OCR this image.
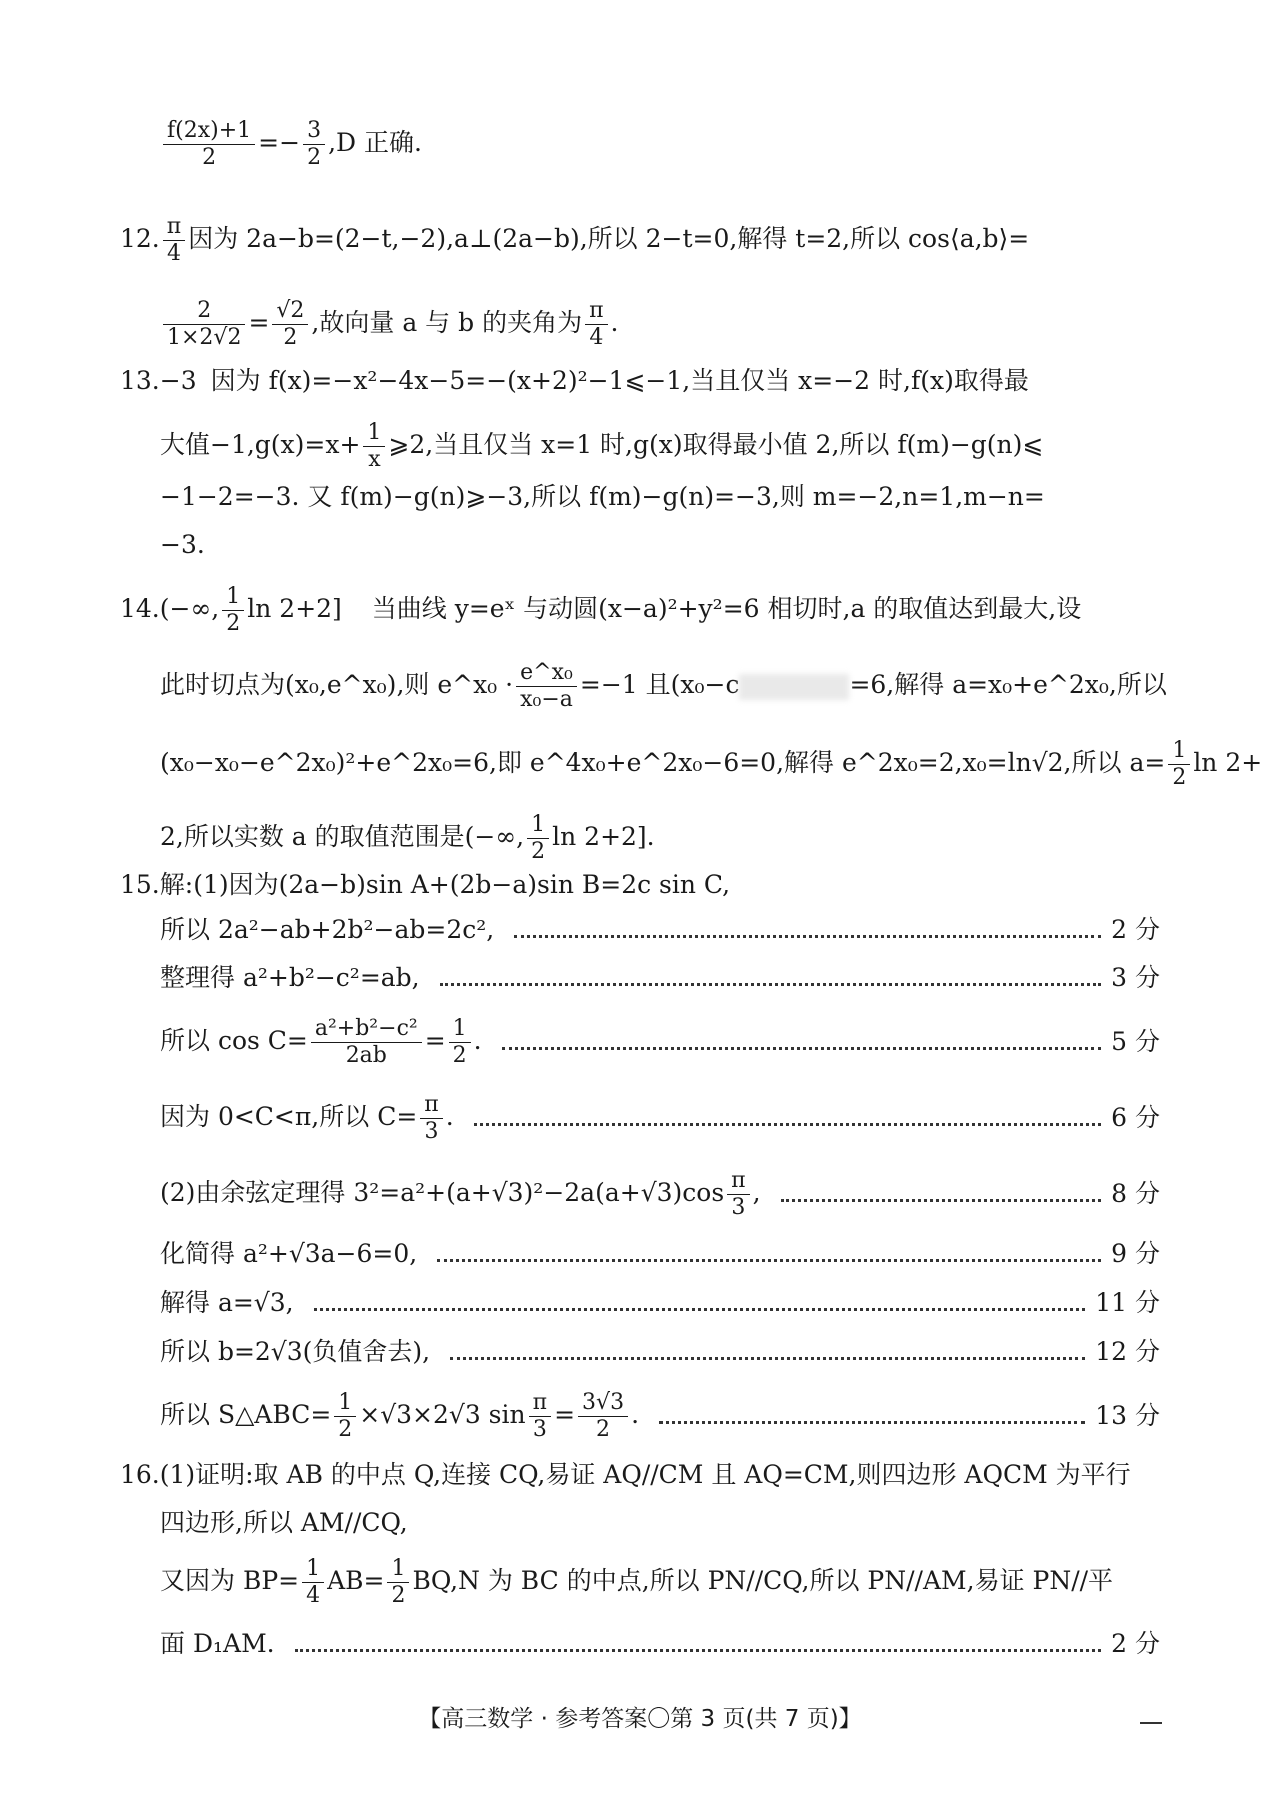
$\frac{f(2x)+1}{2} =- \frac{3}{2} ,D$ 正确.
12. $\frac{\pi}{4}$ 因为 2a−b=(2−t,−2),a⊥(2a−b),所以 2−t=0,解得 t=2,所以 cos⟨a,b⟩=
$\frac{2}{1\times 2√2} = \frac{√2}{2}$ ,故向量 a 与 b 的夹角为 $\frac{\pi}{4}$ .
13.−3 因为 f(x)=−x²−4x−5=−(x+2)²−1⩽−1,当且仅当 x=−2 时,f(x)取得最
大值$-1,g(x)=x+ \frac{1}{x}$ ⩾2,当且仅当 x=1 时,g(x)取得最小值 2,所以 f(m)−g(n)⩽
−1−2=−3. 又 f(m)−g(n)⩾−3,所以 f(m)−g(n)=−3,则 m=−2,n=1,m−n=
−3.
14.(−∞, $\frac{1}{2}$ ln 2+2] 当曲线 y=eˣ 与动圆(x−a)²+y²=6 相切时,a 的取值达到最大,设
此时切点为(x₀,e^x₀),则 e^x₀ · $\frac{\text{e\textasciicircum{}x₀}}{\text{x₀−a}} =-1$ 且(x₀−c	=6,解得 a=x₀+e^2x₀,所以
(x₀−x₀−e^2x₀)²+e^2x₀=6,即 e^4x₀+e^2x₀−6=0,解得 e^2x₀=2,x₀=ln√2,所以 $a= \frac{1}{2}$ ln 2+
2,所以实数 a 的取值范围是(−∞, $\frac{1}{2}$ ln 2+2].
15.解:(1)因为(2a−b)sin A+(2b−a)sin B=2c sin C,
所以 2a²−ab+2b²−ab=2c²,	2 分
整理得 a²+b²−c²=ab,	3 分
所以 $\cos C= \frac{\text{a²+b²−c²}}{2ab} = \frac{1}{2}$ .	5 分
因为 0<C<π,所以 $C= \frac{\pi}{3}$ .	6 分
(2)由余弦定理得 $3^2=a^2+(a+√3)^2-2a(a+√3)\cos \frac{\pi}{3}$ ,	8 分
化简得 a²+√3a−6=0,	9 分
解得 a=√3,	11 分
所以 b=2√3(负值舍去),	12 分
所以 S△ABC= $\frac{1}{2} \times√3\times 2√3$ $\sin \frac{\pi}{3} = \frac{3√3}{2}$ .	13 分
16.(1)证明:取 AB 的中点 Q,连接 CQ,易证 AQ//CM 且 AQ=CM,则四边形 AQCM 为平行
四边形,所以 AM//CQ,
又因为 $BP= \frac{1}{4} AB= \frac{1}{2} BQ,N$ 为 BC 的中点,所以 PN//CQ,所以 PN//AM,易证 PN//平
面 D₁AM.	2 分
【高三数学 · 参考答案〇第 3 页(共 7 页)】
